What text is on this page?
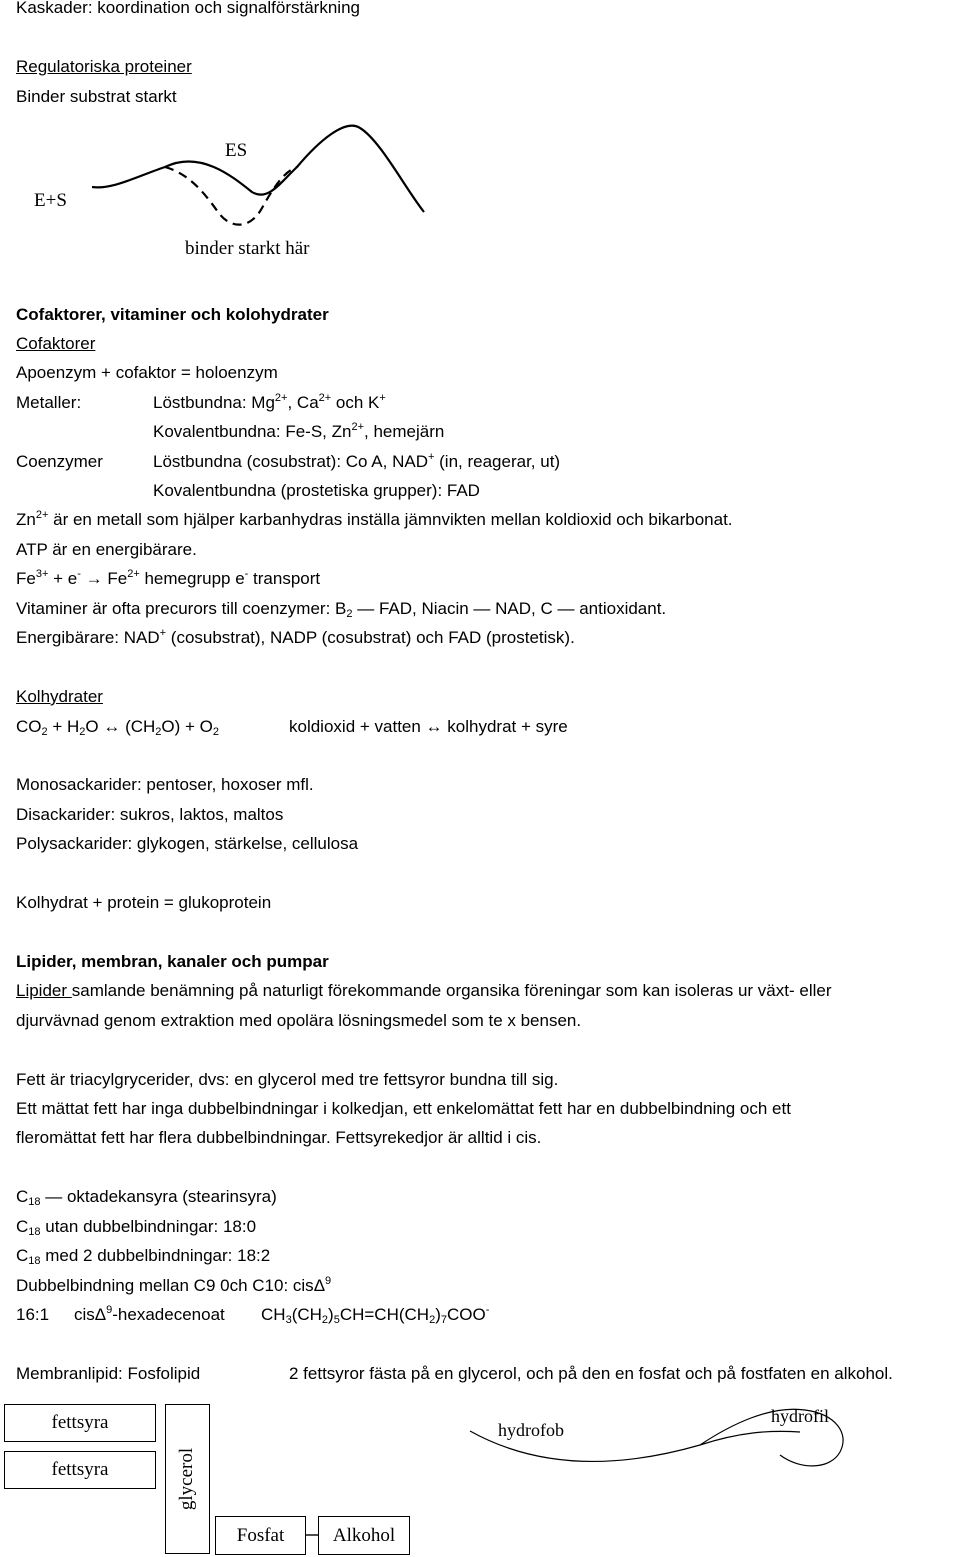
Kaskader: koordination och signalförstärkning
Regulatoriska proteiner
Binder substrat starkt
ES
E+S
binder starkt här
Cofaktorer, vitaminer och kolohydrater
Cofaktorer
Apoenzym + cofaktor = holoenzym
Metaller:	Löstbundna: $Mg^{2+}$, $Ca^{2+}$ och K+
Kovalentbundna: Fe-S, $Zn^{2+}$, hemejärn
Coenzymer	Löstbundna (cosubstrat): Co A, NAD+ (in, reagerar, ut)
Kovalentbundna (prostetiska grupper): FAD
$Zn^{2+}$ är en metall som hjälper karbanhydras inställa jämnvikten mellan koldioxid och bikarbonat.
ATP är en energibärare.
$Fe^{3+} + e^- \to Fe^{2+}$ hemegrupp e- transport
Vitaminer är ofta precurors till coenzymer: $B_2$ — FAD, Niacin — NAD, C — antioxidant.
Energibärare: NAD+ (cosubstrat), NADP (cosubstrat) och FAD (prostetisk).
Kolhydrater
$CO_2 + H_2O$ ↔ $(CH_2O) + O_2$	koldioxid + vatten ↔ kolhydrat + syre
Monosackarider: pentoser, hoxoser mfl.
Disackarider: sukros, laktos, maltos
Polysackarider: glykogen, stärkelse, cellulosa
Kolhydrat + protein = glukoprotein
Lipider, membran, kanaler och pumpar
Lipider samlande benämning på naturligt förekommande organsika föreningar som kan isoleras ur växt- eller
djurvävnad genom extraktion med opolära lösningsmedel som te x bensen.
Fett är triacylgrycerider, dvs: en glycerol med tre fettsyror bundna till sig.
Ett mättat fett har inga dubbelbindningar i kolkedjan, ett enkelomättat fett har en dubbelbindning och ett
fleromättat fett har flera dubbelbindningar. Fettsyrekedjor är alltid i cis.
$C_{18}$ — oktadekansyra (stearinsyra)
$C_{18}$ utan dubbelbindningar: 18:0
$C_{18}$ med 2 dubbelbindningar: 18:2
Dubbelbindning mellan C9 0ch C10: cisΔ$^9$
16:1 cisΔ$^9$-hexadecenoat $CH_3(CH_2)_5CH=CH(CH_2)_7COO^-$
Membranlipid: Fosfolipid	2 fettsyror fästa på en glycerol, och på den en fosfat och på fostfaten en alkohol.
fettsyra
fettsyra	glycerol
Fosfat	Alkohol
hydrofob
hydrofil
